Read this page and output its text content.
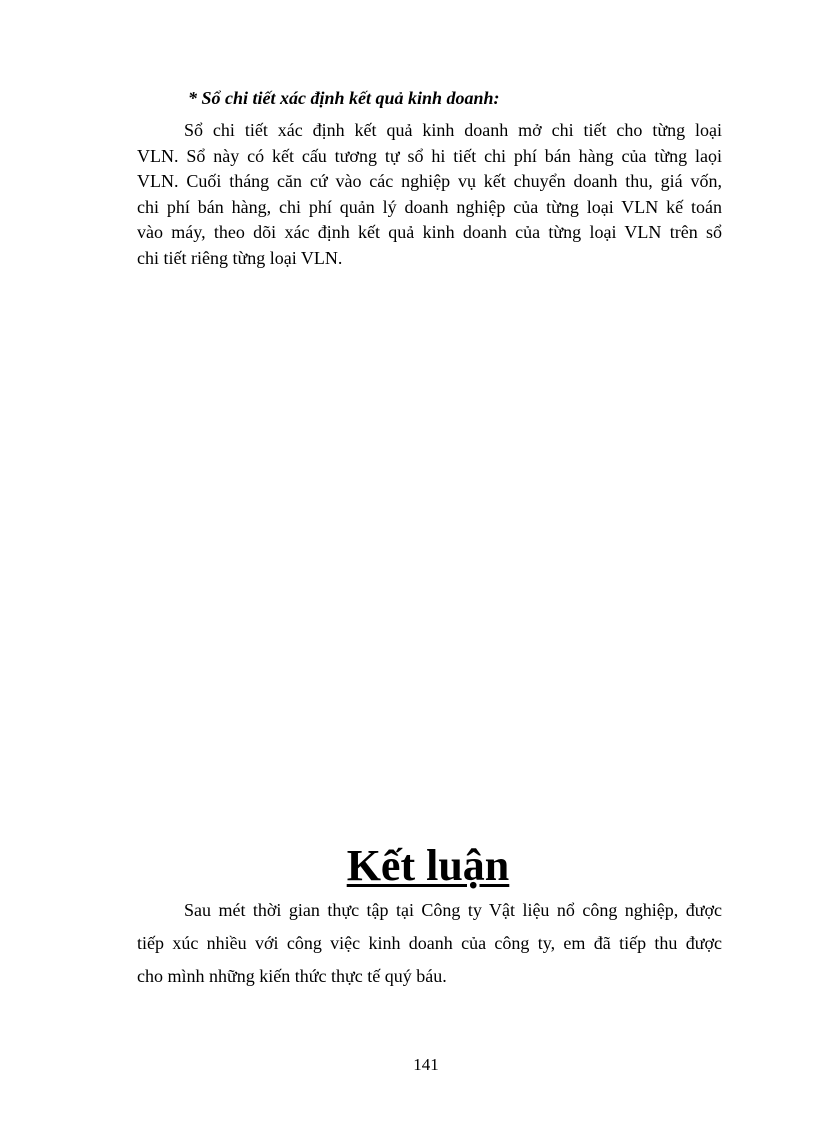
* Sổ chi tiết xác định kết quả kinh doanh:
Sổ chi tiết xác định kết quả kinh doanh mở chi tiết cho từng loại
VLN. Sổ này có kết cấu tương tự sổ hi tiết chi phí bán hàng của từng laọi
VLN. Cuối tháng căn cứ vào các nghiệp vụ kết chuyển doanh thu, giá vốn,
chi phí bán hàng, chi phí quản lý doanh nghiệp của từng loại VLN kế toán
vào máy, theo dõi xác định kết quả kinh doanh của từng loại VLN trên sổ
chi tiết riêng từng loại VLN.
Kết luận
Sau mét thời gian thực tập tại Công ty Vật liệu nổ công nghiệp, được
tiếp xúc nhiều với công việc kinh doanh của công ty, em đã tiếp thu được
cho mình những kiến thức thực tế quý báu.
141
